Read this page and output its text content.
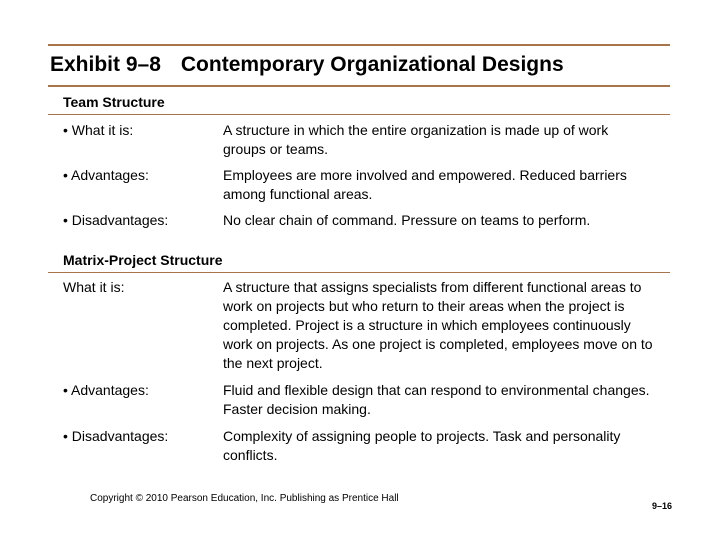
Exhibit 9–8 Contemporary Organizational Designs
Team Structure
• What it is:	A structure in which the entire organization is made up of work groups or teams.
• Advantages:	Employees are more involved and empowered. Reduced barriers among functional areas.
• Disadvantages:	No clear chain of command. Pressure on teams to perform.
Matrix-Project Structure
What it is:	A structure that assigns specialists from different functional areas to work on projects but who return to their areas when the project is completed. Project is a structure in which employees continuously work on projects. As one project is completed, employees move on to the next project.
• Advantages:	Fluid and flexible design that can respond to environmental changes. Faster decision making.
• Disadvantages:	Complexity of assigning people to projects. Task and personality conflicts.
Copyright © 2010 Pearson Education, Inc. Publishing as Prentice Hall
9–16
